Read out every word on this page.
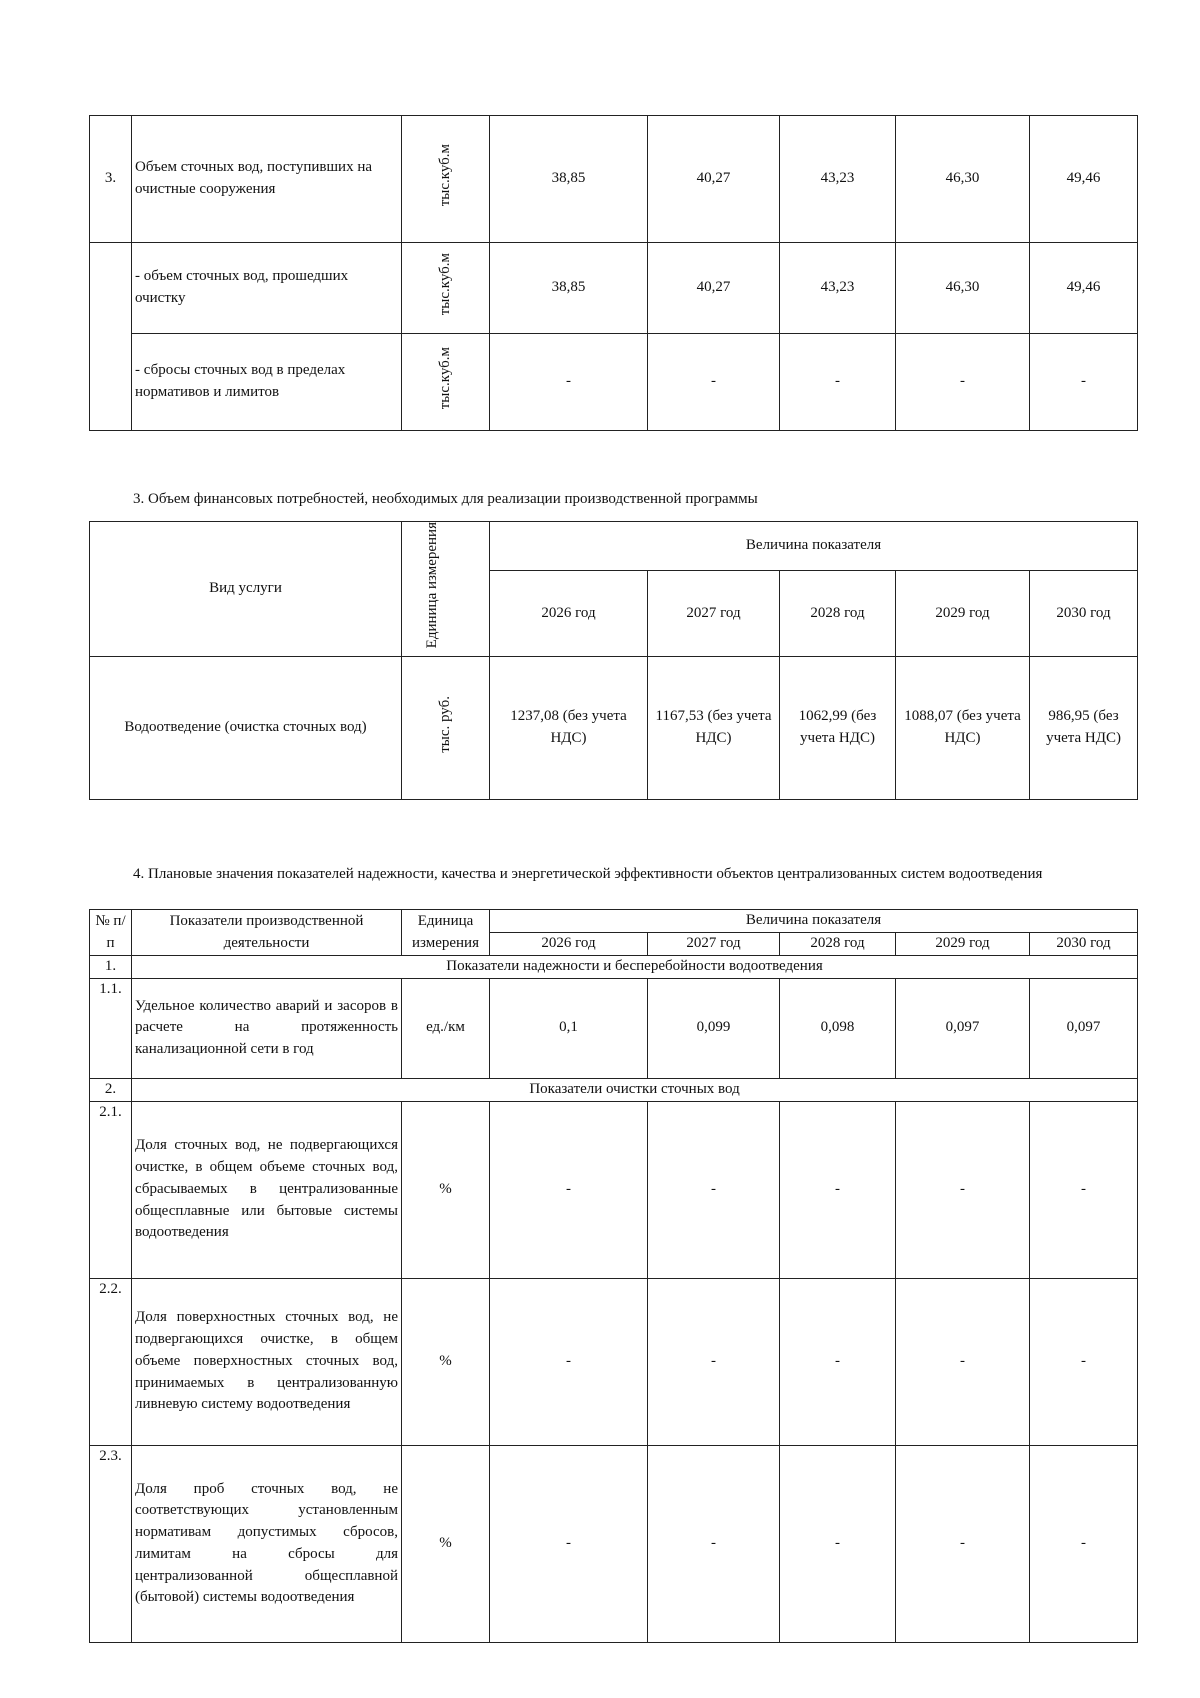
3.	Объем сточных вод, поступивших на очистные сооружения	тыс.куб.м	38,85	40,27	43,23	46,30	49,46
	- объем сточных вод, прошедших очистку	тыс.куб.м	38,85	40,27	43,23	46,30	49,46
	- сбросы сточных вод в пределах нормативов и лимитов	тыс.куб.м	-	-	-	-	-
3. Объем финансовых потребностей, необходимых для реализации производственной программы
Вид услуги	Единица измерения	Величина показателя				
		2026 год	2027 год	2028 год	2029 год	2030 год
Водоотведение (очистка сточных вод)	тыс. руб.	1237,08 (без учета НДС)	1167,53 (без учета НДС)	1062,99 (без учета НДС)	1088,07 (без учета НДС)	986,95 (без учета НДС)
4. Плановые значения показателей надежности, качества и энергетической эффективности объектов централизованных систем водоотведения
№ п/п	Показатели производственной деятельности	Единица измерения	Величина показателя				
			2026 год	2027 год	2028 год	2029 год	2030 год
1.	Показатели надежности и бесперебойности водоотведения						
1.1.	Удельное количество аварий и засоров в расчете на протяженность канализационной сети в год	ед./км	0,1	0,099	0,098	0,097	0,097
2.	Показатели очистки сточных вод						
2.1.	Доля сточных вод, не подвергающихся очистке, в общем объеме сточных вод, сбрасываемых в централизованные общесплавные или бытовые системы водоотведения	%	-	-	-	-	-
2.2.	Доля поверхностных сточных вод, не подвергающихся очистке, в общем объеме поверхностных сточных вод, принимаемых в централизованную ливневую систему водоотведения	%	-	-	-	-	-
2.3.	Доля проб сточных вод, не соответствующих установленным нормативам допустимых сбросов, лимитам на сбросы для централизованной общесплавной (бытовой) системы водоотведения	%	-	-	-	-	-
